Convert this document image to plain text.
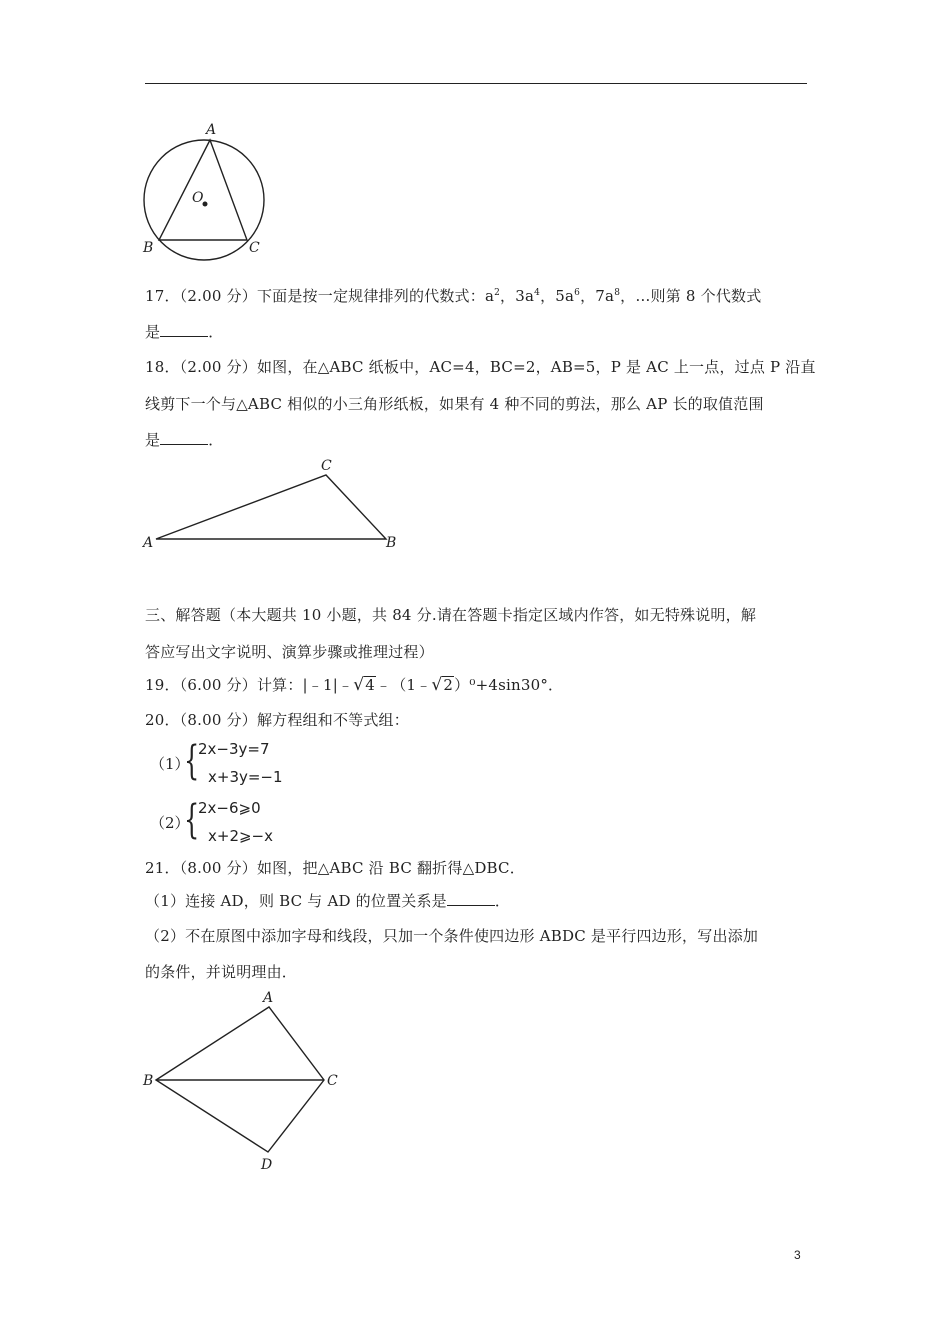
A
B	C
O
17．（2.00 分）下面是按一定规律排列的代数式：$a^2$，$3a^4$，$5a^6$，$7a^8$，…则第 8 个代数式
是	．
18．（2.00 分）如图，在△ABC 纸板中，AC=4，BC=2，AB=5，P 是 AC 上一点，过点 P 沿直
线剪下一个与△ABC 相似的小三角形纸板，如果有 4 种不同的剪法，那么 AP 长的取值范围
是	．
A
C
B
三、解答题（本大题共 10 小题，共 84 分.请在答题卡指定区域内作答，如无特殊说明，解
答应写出文字说明、演算步骤或推理过程）
19．（6.00 分）计算：|﹣1|﹣√4﹣（1﹣√2）⁰+4sin30°．
20．（8.00 分）解方程组和不等式组：
（1）
{
2x−3y=7
x+3y=−1
（2）
{
2x−6⩾0
x+2⩾−x
21．（8.00 分）如图，把△ABC 沿 BC 翻折得△DBC．
（1）连接 AD，则 BC 与 AD 的位置关系是	．
（2）不在原图中添加字母和线段，只加一个条件使四边形 ABDC 是平行四边形，写出添加
的条件，并说明理由．
A
B	C
D
3
